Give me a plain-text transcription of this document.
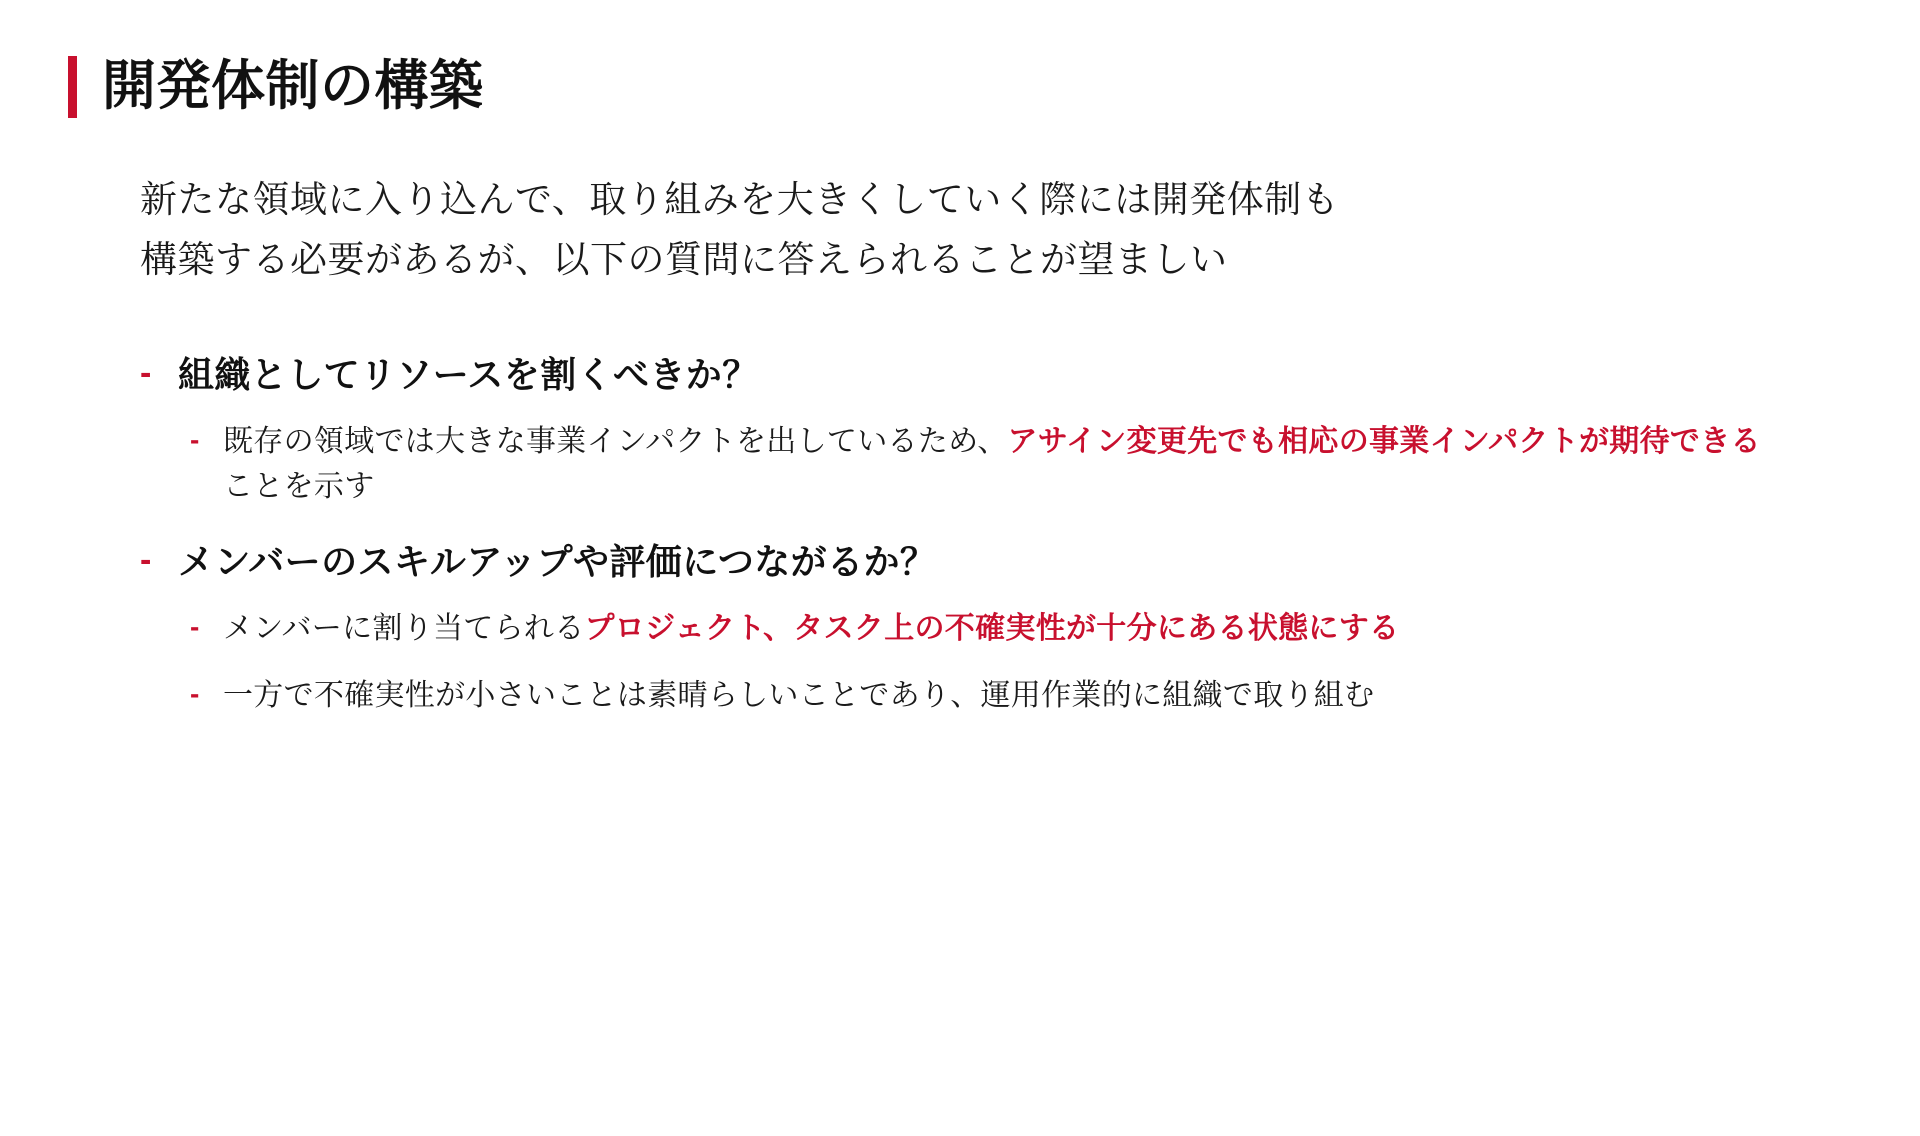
開発体制の構築
新たな領域に入り込んで、取り組みを大きくしていく際には開発体制も
構築する必要があるが、以下の質問に答えられることが望ましい
- 組織としてリソースを割くべきか？
- 既存の領域では大きな事業インパクトを出しているため、アサイン変更先でも相応の事業インパクトが期待できることを示す
- メンバーのスキルアップや評価につながるか？
- メンバーに割り当てられるプロジェクト、タスク上の不確実性が十分にある状態にする
- 一方で不確実性が小さいことは素晴らしいことであり、運用作業的に組織で取り組む
